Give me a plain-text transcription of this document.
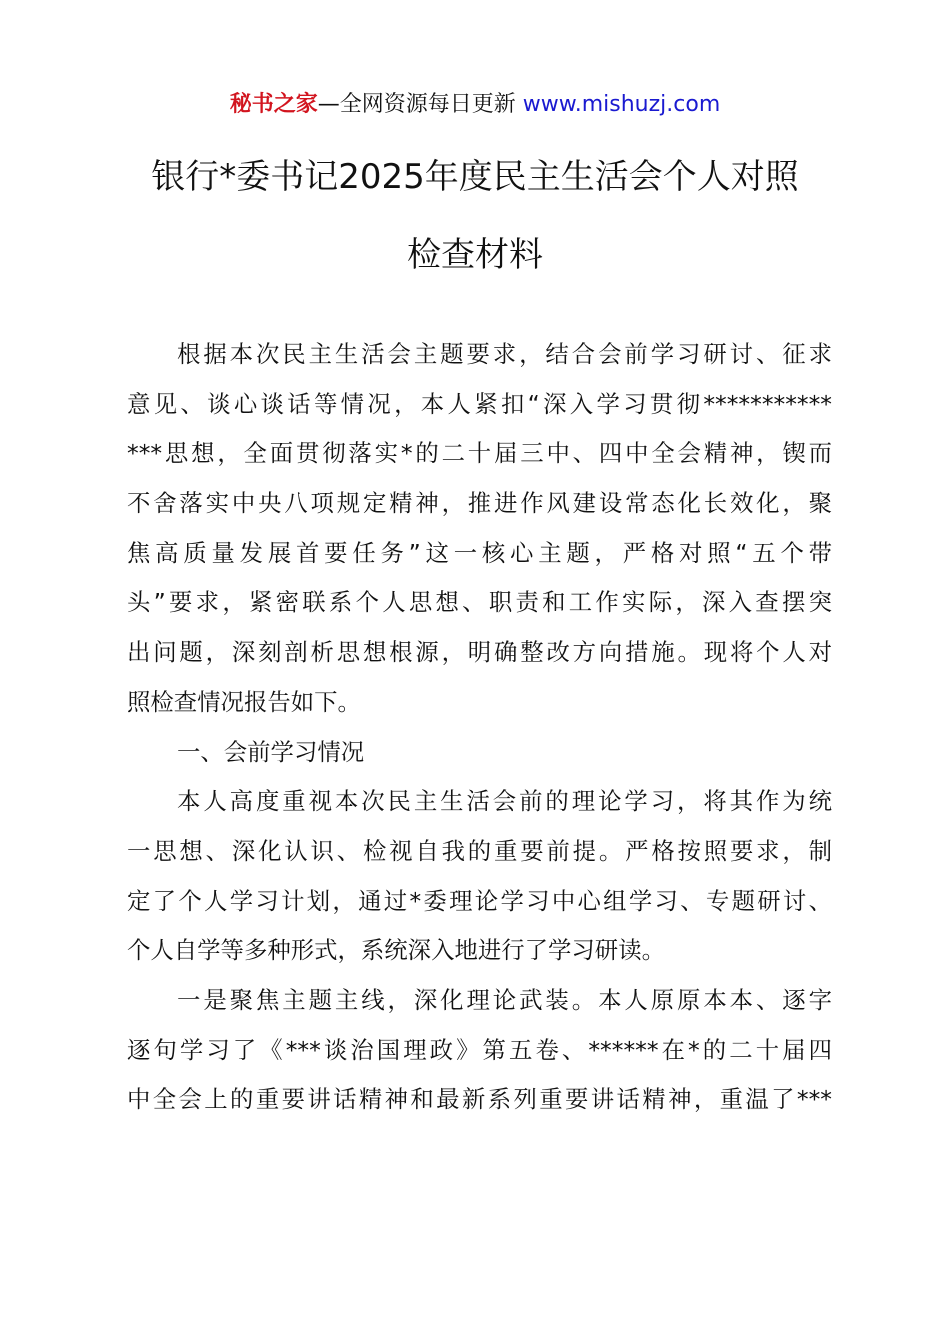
秘书之家—全网资源每日更新 www.mishuzj.com
银行*委书记2025年度民主生活会个人对照
检查材料
根据本次民主生活会主题要求，结合会前学习研讨、征求
意见、谈心谈话等情况，本人紧扣“深入学习贯彻***********
***思想，全面贯彻落实*的二十届三中、四中全会精神，锲而
不舍落实中央八项规定精神，推进作风建设常态化长效化，聚
焦高质量发展首要任务”这一核心主题，严格对照“五个带
头”要求，紧密联系个人思想、职责和工作实际，深入查摆突
出问题，深刻剖析思想根源，明确整改方向措施。现将个人对
照检查情况报告如下。
一、会前学习情况
本人高度重视本次民主生活会前的理论学习，将其作为统
一思想、深化认识、检视自我的重要前提。严格按照要求，制
定了个人学习计划，通过*委理论学习中心组学习、专题研讨、
个人自学等多种形式，系统深入地进行了学习研读。
一是聚焦主题主线，深化理论武装。本人原原本本、逐字
逐句学习了《***谈治国理政》第五卷、******在*的二十届四
中全会上的重要讲话精神和最新系列重要讲话精神，重温了***
